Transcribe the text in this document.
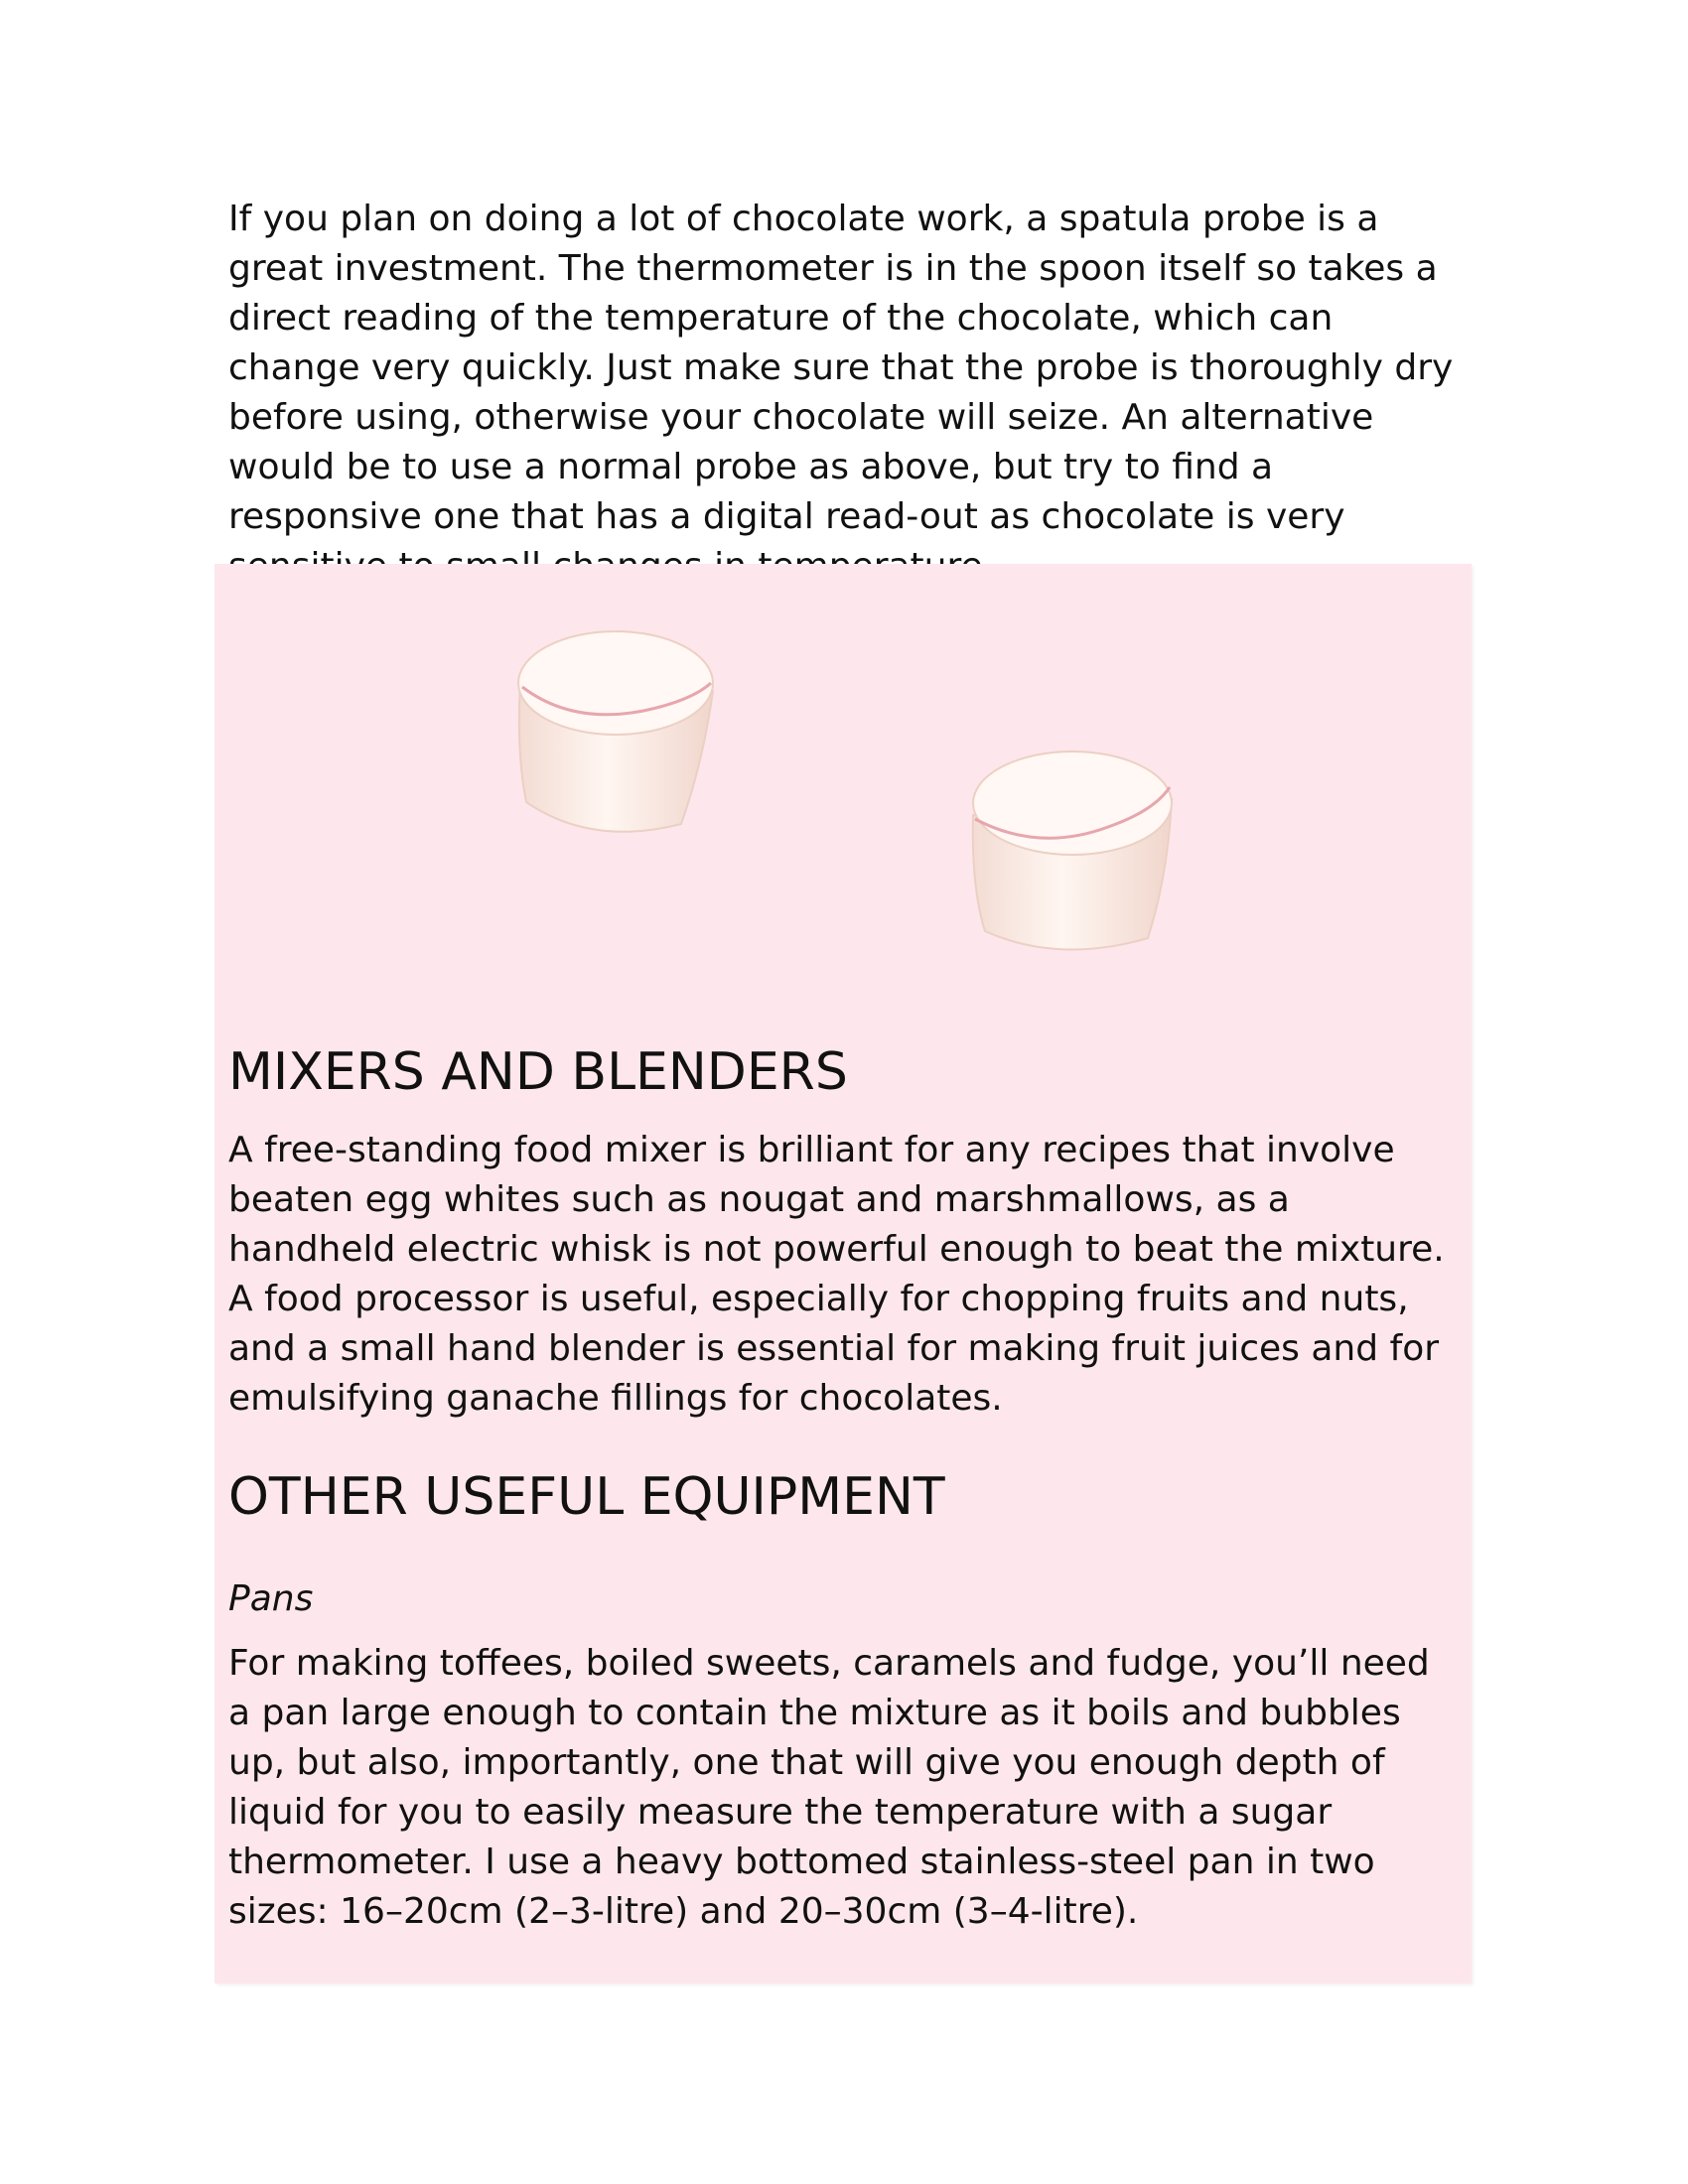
If you plan on doing a lot of chocolate work, a spatula probe is a great investment. The thermometer is in the spoon itself so takes a direct reading of the temperature of the chocolate, which can change very quickly. Just make sure that the probe is thoroughly dry before using, otherwise your chocolate will seize. An alternative would be to use a normal probe as above, but try to find a responsive one that has a digital read-out as chocolate is very

MIXERS AND BLENDERS

A free-standing food mixer is brilliant for any recipes that involve beaten egg whites such as nougat and marshmallows, as a handheld electric whisk is not powerful enough to beat the mixture. A food processor is useful, especially for chopping fruits and nuts, and a small hand blender is essential for making fruit juices and for emulsifying ganache fillings for chocolates.

OTHER USEFUL EQUIPMENT

Pans

For making toffees, boiled sweets, caramels and fudge, you’ll need a pan large enough to contain the mixture as it boils and bubbles up, but also, importantly, one that will give you enough depth of liquid for you to easily measure the temperature with a sugar thermometer. I use a heavy bottomed stainless-steel pan in two sizes: 16–20cm (2–3-litre) and 20–30cm (3–4-litre).
